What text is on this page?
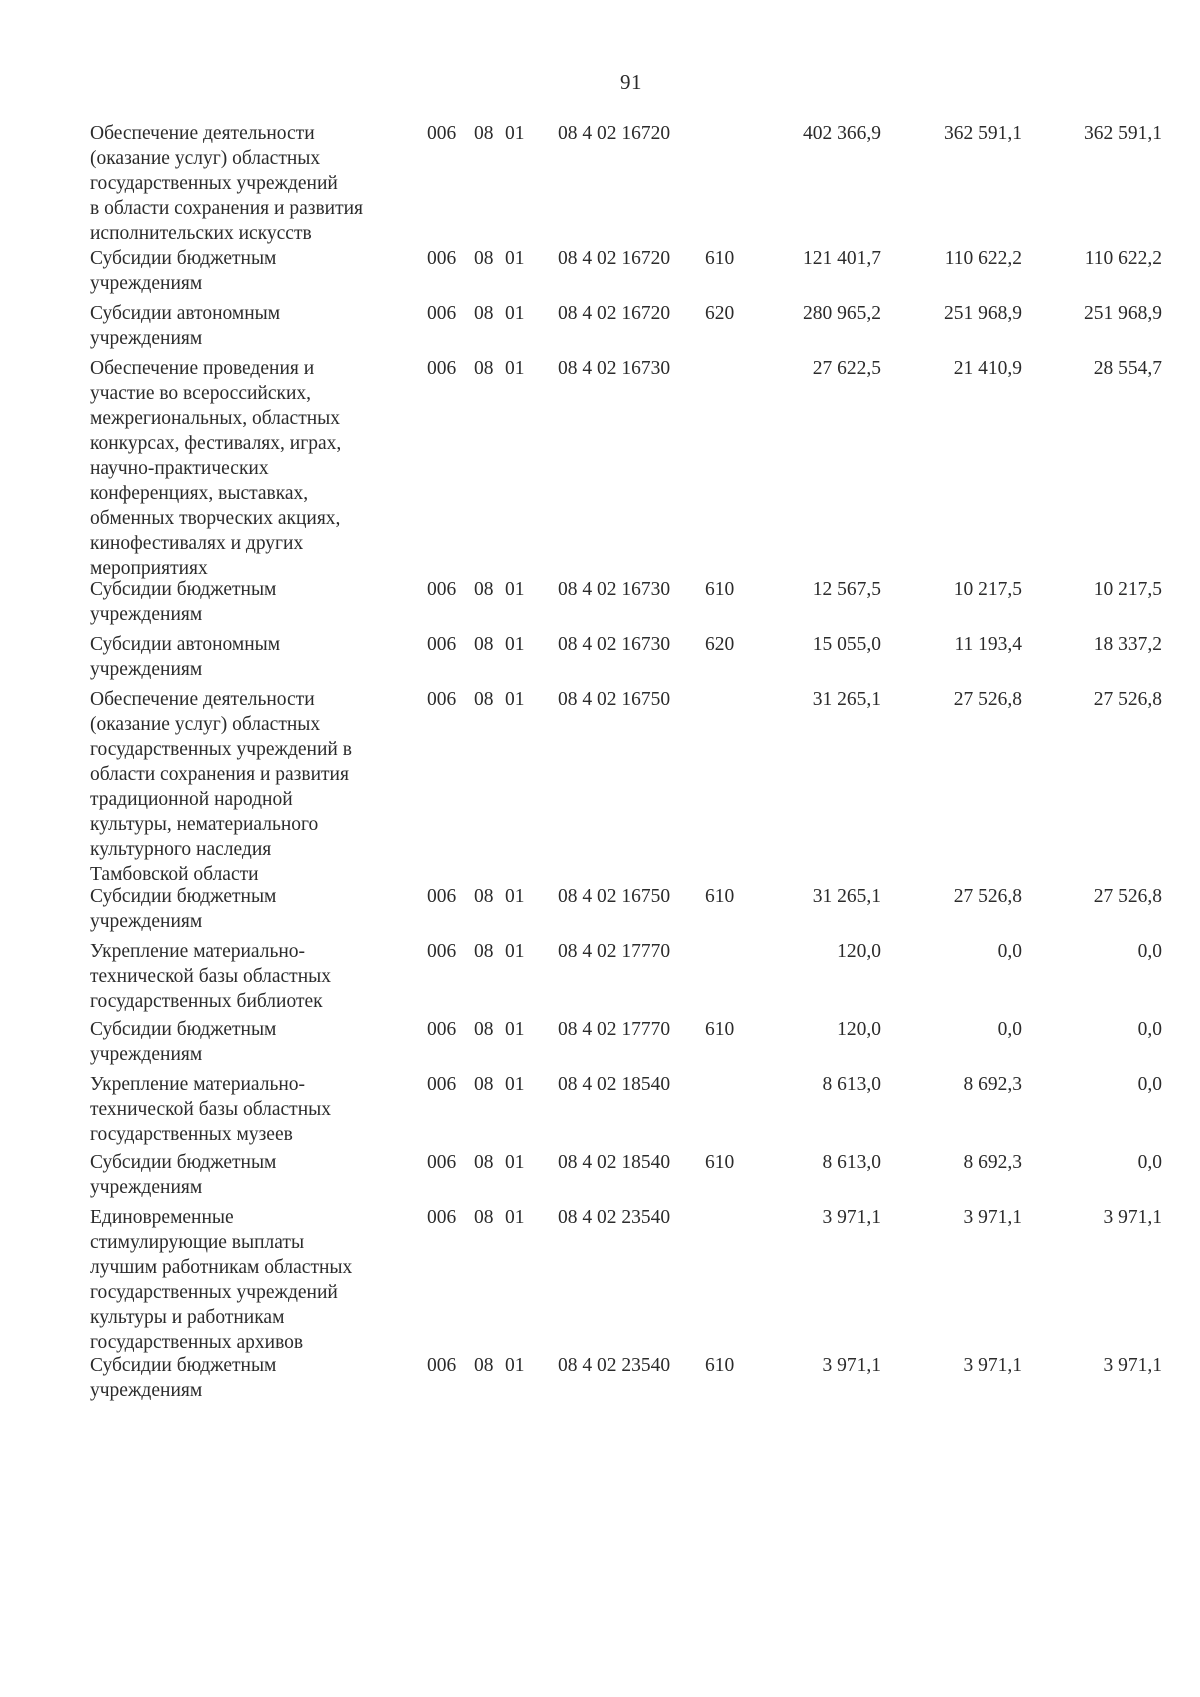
91
Обеспечение деятельности
(оказание услуг) областных
государственных учреждений
в области сохранения и развития
исполнительских искусств
006 08 01 08 4 02 16720	402 366,9	362 591,1	362 591,1
Субсидии бюджетным
учреждениям
006 08 01 08 4 02 16720 610	121 401,7	110 622,2	110 622,2
Субсидии автономным
учреждениям
006 08 01 08 4 02 16720 620	280 965,2	251 968,9	251 968,9
Обеспечение проведения и
участие во всероссийских,
межрегиональных, областных
конкурсах, фестивалях, играх,
научно-практических
конференциях, выставках,
обменных творческих акциях,
кинофестивалях и других
мероприятиях
006 08 01 08 4 02 16730	27 622,5	21 410,9	28 554,7
Субсидии бюджетным
учреждениям
006 08 01 08 4 02 16730 610	12 567,5	10 217,5	10 217,5
Субсидии автономным
учреждениям
006 08 01 08 4 02 16730 620	15 055,0	11 193,4	18 337,2
Обеспечение деятельности
(оказание услуг) областных
государственных учреждений в
области сохранения и развития
традиционной народной
культуры, нематериального
культурного наследия
Тамбовской области
006 08 01 08 4 02 16750	31 265,1	27 526,8	27 526,8
Субсидии бюджетным
учреждениям
006 08 01 08 4 02 16750 610	31 265,1	27 526,8	27 526,8
Укрепление материально-
технической базы областных
государственных библиотек
006 08 01 08 4 02 17770	120,0	0,0	0,0
Субсидии бюджетным
учреждениям
006 08 01 08 4 02 17770 610	120,0	0,0	0,0
Укрепление материально-
технической базы областных
государственных музеев
006 08 01 08 4 02 18540	8 613,0	8 692,3	0,0
Субсидии бюджетным
учреждениям
006 08 01 08 4 02 18540 610	8 613,0	8 692,3	0,0
Единовременные
стимулирующие выплаты
лучшим работникам областных
государственных учреждений
культуры и работникам
государственных архивов
006 08 01 08 4 02 23540	3 971,1	3 971,1	3 971,1
Субсидии бюджетным
учреждениям
006 08 01 08 4 02 23540 610	3 971,1	3 971,1	3 971,1
